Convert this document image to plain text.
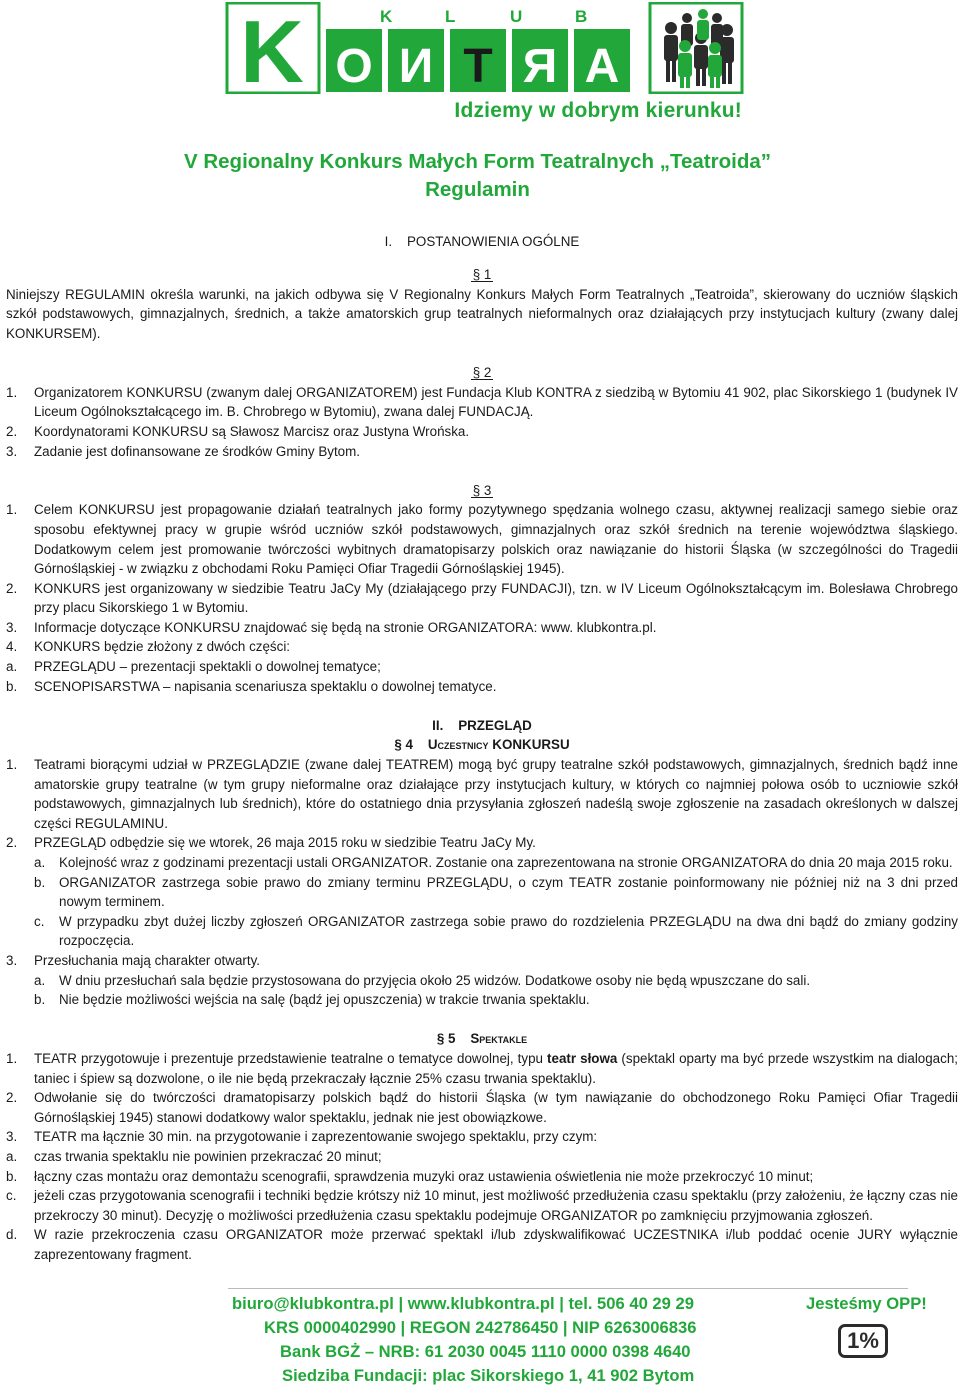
K	K	L	U	B
O И T Я A
Idziemy w dobrym kierunku!
V Regionalny Konkurs Małych Form Teatralnych „Teatroida”
Regulamin
I. POSTANOWIENIA OGÓLNE
§ 1
Niniejszy REGULAMIN określa warunki, na jakich odbywa się V Regionalny Konkurs Małych Form Teatralnych „Teatroida”, skierowany do uczniów śląskich szkół podstawowych, gimnazjalnych, średnich, a także amatorskich grup teatralnych nieformalnych oraz działających przy instytucjach kultury (zwany dalej KONKURSEM).
§ 2
1.	Organizatorem KONKURSU (zwanym dalej ORGANIZATOREM) jest Fundacja Klub KONTRA z siedzibą w Bytomiu 41 902, plac Sikorskiego 1 (budynek IV Liceum Ogólnokształcącego im. B. Chrobrego w Bytomiu), zwana dalej FUNDACJĄ.
2.	Koordynatorami KONKURSU są Sławosz Marcisz oraz Justyna Wrońska.
3.	Zadanie jest dofinansowane ze środków Gminy Bytom.
§ 3
1.	Celem KONKURSU jest propagowanie działań teatralnych jako formy pozytywnego spędzania wolnego czasu, aktywnej realizacji samego siebie oraz sposobu efektywnej pracy w grupie wśród uczniów szkół podstawowych, gimnazjalnych oraz szkół średnich na terenie województwa śląskiego. Dodatkowym celem jest promowanie twórczości wybitnych dramatopisarzy polskich oraz nawiązanie do historii Śląska (w szczególności do Tragedii Górnośląskiej - w związku z obchodami Roku Pamięci Ofiar Tragedii Górnośląskiej 1945).
2.	KONKURS jest organizowany w siedzibie Teatru JaCy My (działającego przy FUNDACJI), tzn. w IV Liceum Ogólnokształcącym im. Bolesława Chrobrego przy placu Sikorskiego 1 w Bytomiu.
3.	Informacje dotyczące KONKURSU znajdować się będą na stronie ORGANIZATORA: www. klubkontra.pl.
4.	KONKURS będzie złożony z dwóch części:
a.	PRZEGLĄDU – prezentacji spektakli o dowolnej tematyce;
b.	SCENOPISARSTWA – napisania scenariusza spektaklu o dowolnej tematyce.
II. PRZEGLĄD
§ 4 Uczestnicy KONKURSU
1.	Teatrami biorącymi udział w PRZEGLĄDZIE (zwane dalej TEATREM) mogą być grupy teatralne szkół podstawowych, gimnazjalnych, średnich bądź inne amatorskie grupy teatralne (w tym grupy nieformalne oraz działające przy instytucjach kultury, w których co najmniej połowa osób to uczniowie szkół podstawowych, gimnazjalnych lub średnich), które do ostatniego dnia przysyłania zgłoszeń nadeślą swoje zgłoszenie na zasadach określonych w dalszej części REGULAMINU.
2.	PRZEGLĄD odbędzie się we wtorek, 26 maja 2015 roku w siedzibie Teatru JaCy My.
a.	Kolejność wraz z godzinami prezentacji ustali ORGANIZATOR. Zostanie ona zaprezentowana na stronie ORGANIZATORA do dnia 20 maja 2015 roku.
b.	ORGANIZATOR zastrzega sobie prawo do zmiany terminu PRZEGLĄDU, o czym TEATR zostanie poinformowany nie później niż na 3 dni przed nowym terminem.
c.	W przypadku zbyt dużej liczby zgłoszeń ORGANIZATOR zastrzega sobie prawo do rozdzielenia PRZEGLĄDU na dwa dni bądź do zmiany godziny rozpoczęcia.
3.	Przesłuchania mają charakter otwarty.
a.	W dniu przesłuchań sala będzie przystosowana do przyjęcia około 25 widzów. Dodatkowe osoby nie będą wpuszczane do sali.
b.	Nie będzie możliwości wejścia na salę (bądź jej opuszczenia) w trakcie trwania spektaklu.
§ 5 Spektakle
1.	TEATR przygotowuje i prezentuje przedstawienie teatralne o tematyce dowolnej, typu teatr słowa (spektakl oparty ma być przede wszystkim na dialogach; taniec i śpiew są dozwolone, o ile nie będą przekraczały łącznie 25% czasu trwania spektaklu).
2.	Odwołanie się do twórczości dramatopisarzy polskich bądź do historii Śląska (w tym nawiązanie do obchodzonego Roku Pamięci Ofiar Tragedii Górnośląskiej 1945) stanowi dodatkowy walor spektaklu, jednak nie jest obowiązkowe.
3.	TEATR ma łącznie 30 min. na przygotowanie i zaprezentowanie swojego spektaklu, przy czym:
a.	czas trwania spektaklu nie powinien przekraczać 20 minut;
b.	łączny czas montażu oraz demontażu scenografii, sprawdzenia muzyki oraz ustawienia oświetlenia nie może przekroczyć 10 minut;
c.	jeżeli czas przygotowania scenografii i techniki będzie krótszy niż 10 minut, jest możliwość przedłużenia czasu spektaklu (przy założeniu, że łączny czas nie przekroczy 30 minut). Decyzję o możliwości przedłużenia czasu spektaklu podejmuje ORGANIZATOR po zamknięciu przyjmowania zgłoszeń.
d.	W razie przekroczenia czasu ORGANIZATOR może przerwać spektakl i/lub zdyskwalifikować UCZESTNIKA i/lub poddać ocenie JURY wyłącznie zaprezentowany fragment.
biuro@klubkontra.pl | www.klubkontra.pl | tel. 506 40 29 29	Jesteśmy OPP!
KRS 0000402990 | REGON 242786450 | NIP 6263006836
Bank BGŻ – NRB: 61 2030 0045 1110 0000 0398 4640
Siedziba Fundacji: plac Sikorskiego 1, 41 902 Bytom
1%
